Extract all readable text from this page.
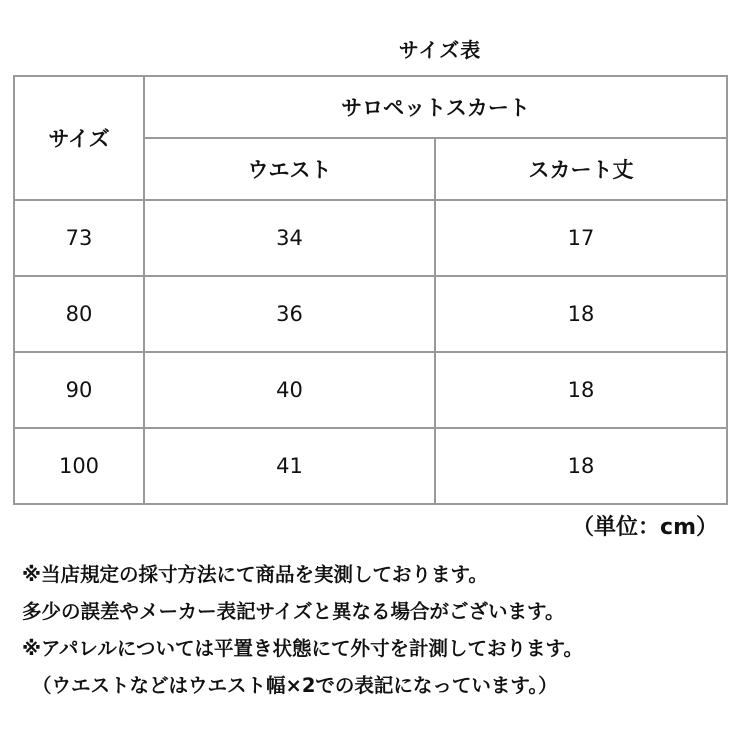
サイズ表
サイズ	サロペットスカート	
	ウエスト	スカート丈
73	34	17
80	36	18
90	40	18
100	41	18
（単位：cm）
※当店規定の採寸方法にて商品を実測しております。
多少の誤差やメーカー表記サイズと異なる場合がございます。
※アパレルについては平置き状態にて外寸を計測しております。
（ウエストなどはウエスト幅×2での表記になっています。）
